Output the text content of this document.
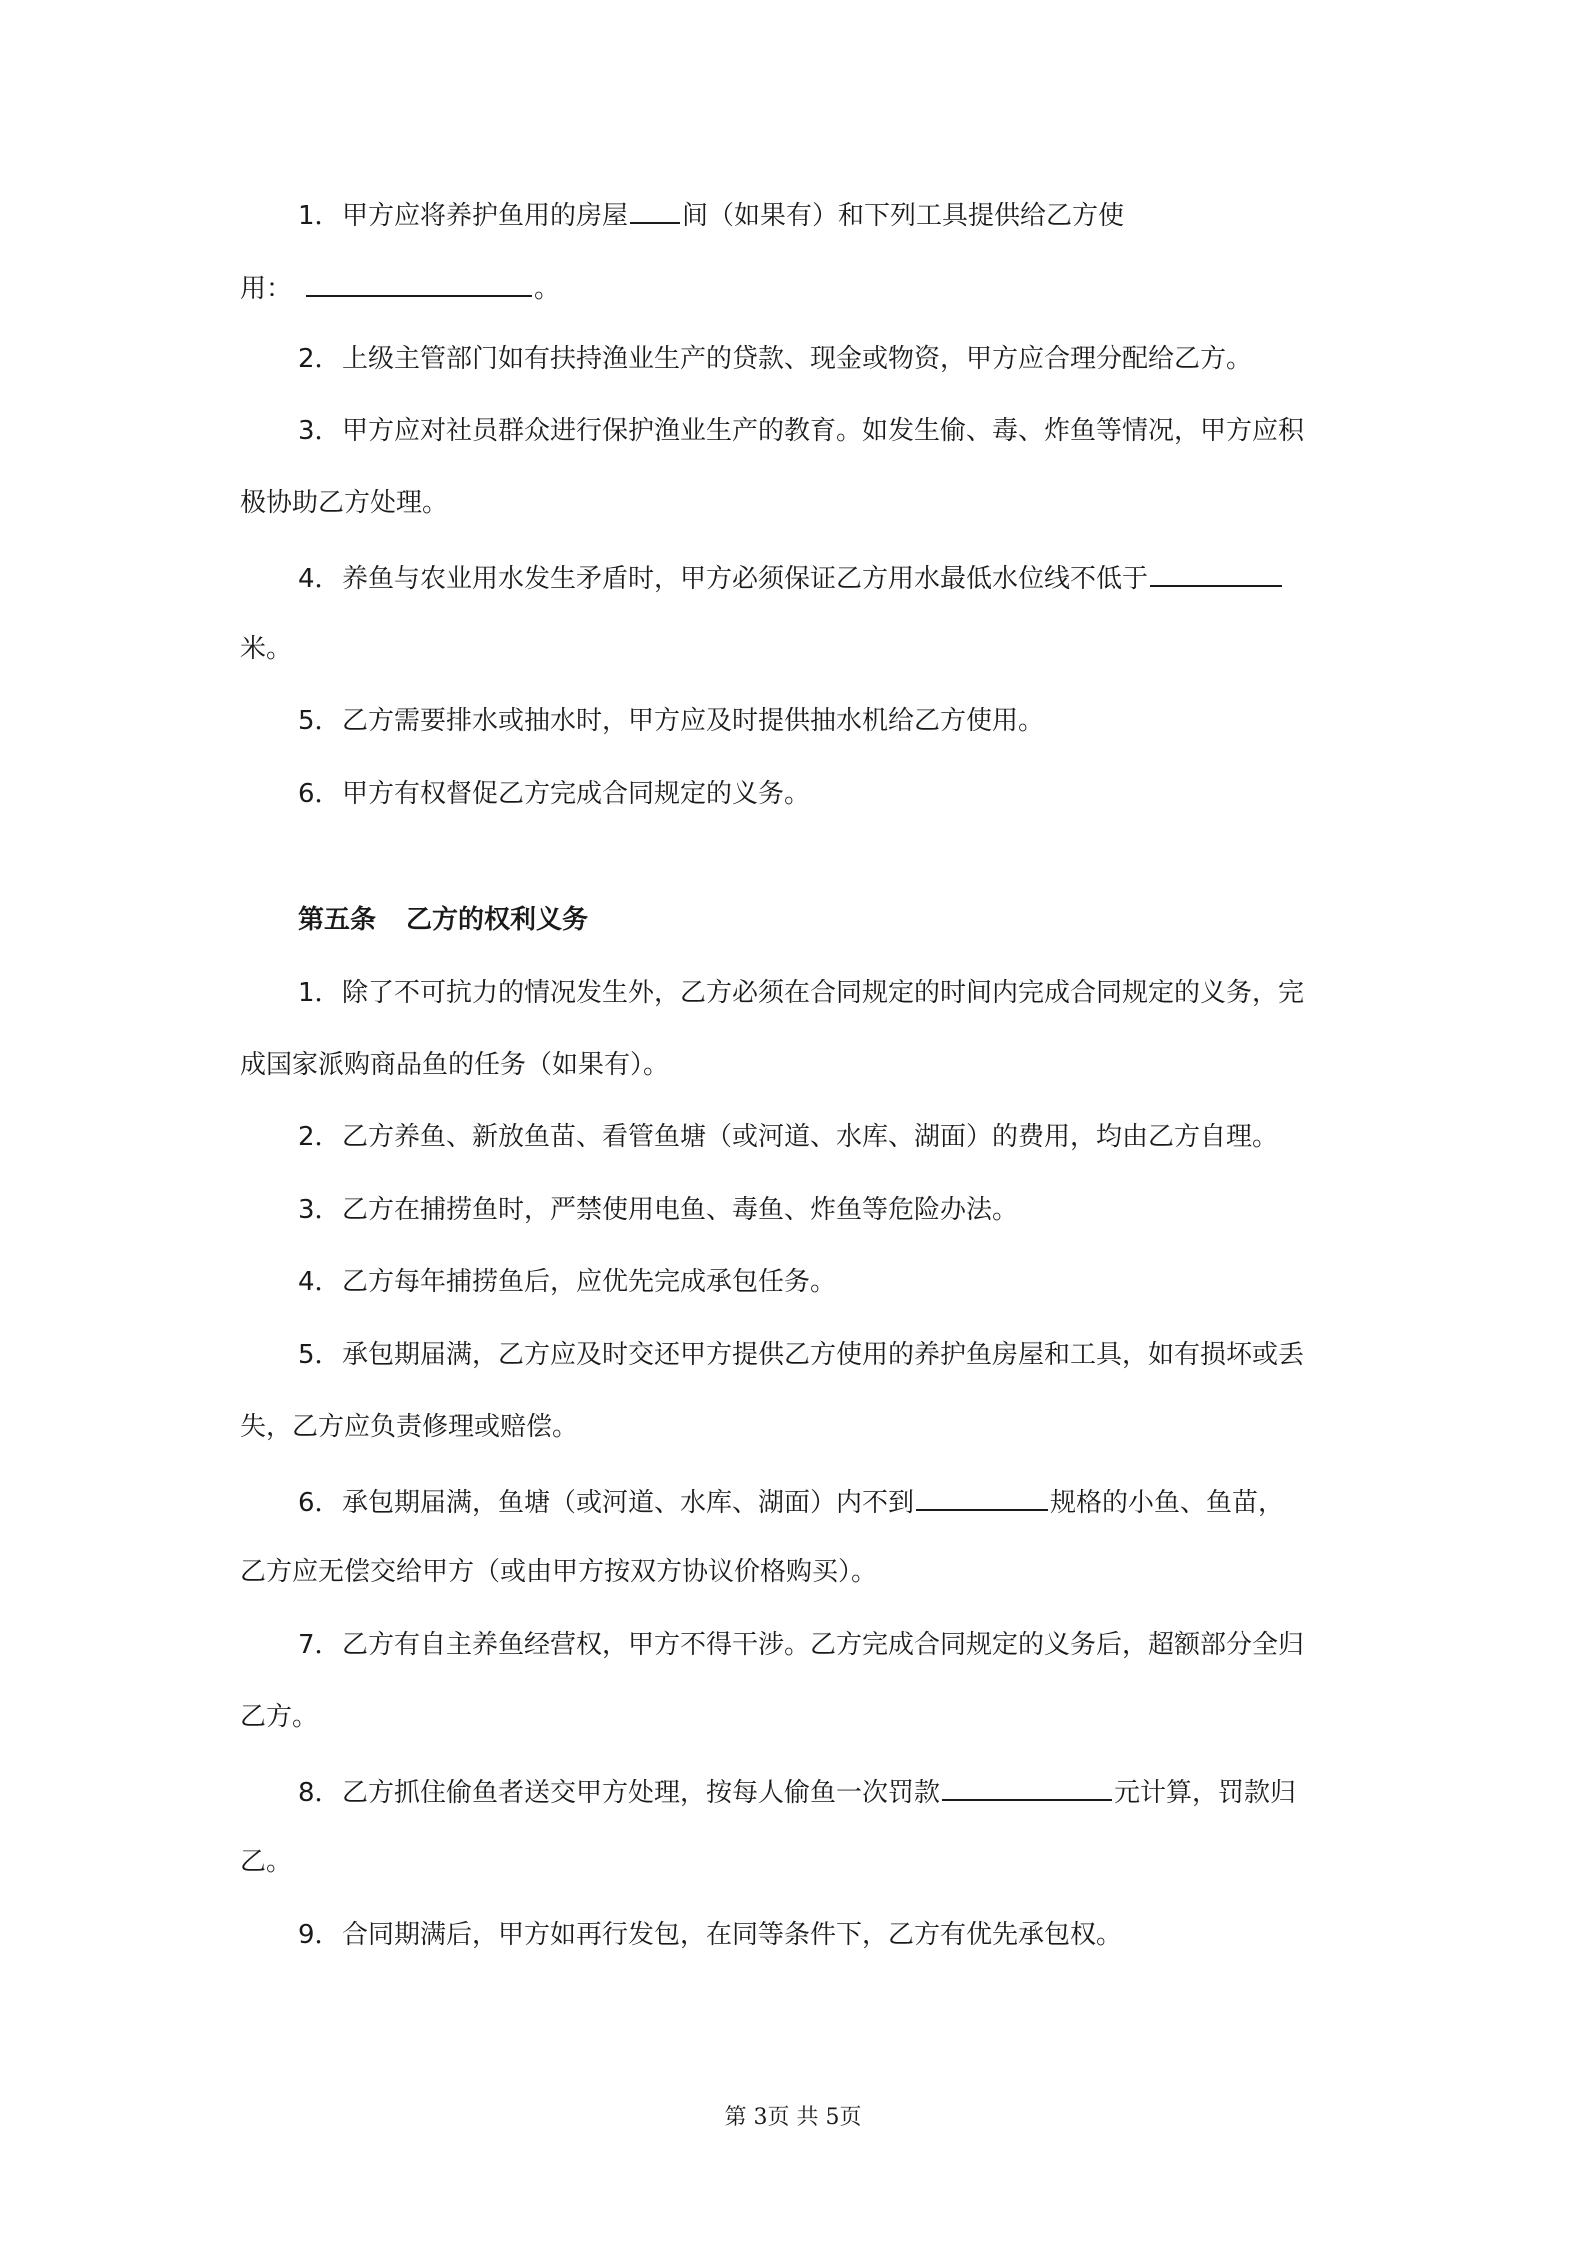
1．甲方应将养护鱼用的房屋 间（如果有）和下列工具提供给乙方使
用：	。
2．上级主管部门如有扶持渔业生产的贷款、现金或物资，甲方应合理分配给乙方。
3．甲方应对社员群众进行保护渔业生产的教育。如发生偷、毒、炸鱼等情况，甲方应积
极协助乙方处理。
4．养鱼与农业用水发生矛盾时，甲方必须保证乙方用水最低水位线不低于
米。
5．乙方需要排水或抽水时，甲方应及时提供抽水机给乙方使用。
6．甲方有权督促乙方完成合同规定的义务。
第五条 乙方的权利义务
1．除了不可抗力的情况发生外，乙方必须在合同规定的时间内完成合同规定的义务，完
成国家派购商品鱼的任务（如果有）。
2．乙方养鱼、新放鱼苗、看管鱼塘（或河道、水库、湖面）的费用，均由乙方自理。
3．乙方在捕捞鱼时，严禁使用电鱼、毒鱼、炸鱼等危险办法。
4．乙方每年捕捞鱼后，应优先完成承包任务。
5．承包期届满，乙方应及时交还甲方提供乙方使用的养护鱼房屋和工具，如有损坏或丢
失，乙方应负责修理或赔偿。
6．承包期届满，鱼塘（或河道、水库、湖面）内不到	规格的小鱼、鱼苗，
乙方应无偿交给甲方（或由甲方按双方协议价格购买）。
7．乙方有自主养鱼经营权，甲方不得干涉。乙方完成合同规定的义务后，超额部分全归
乙方。
8．乙方抓住偷鱼者送交甲方处理，按每人偷鱼一次罚款	元计算，罚款归
乙。
9．合同期满后，甲方如再行发包，在同等条件下，乙方有优先承包权。
第 3页 共 5页
